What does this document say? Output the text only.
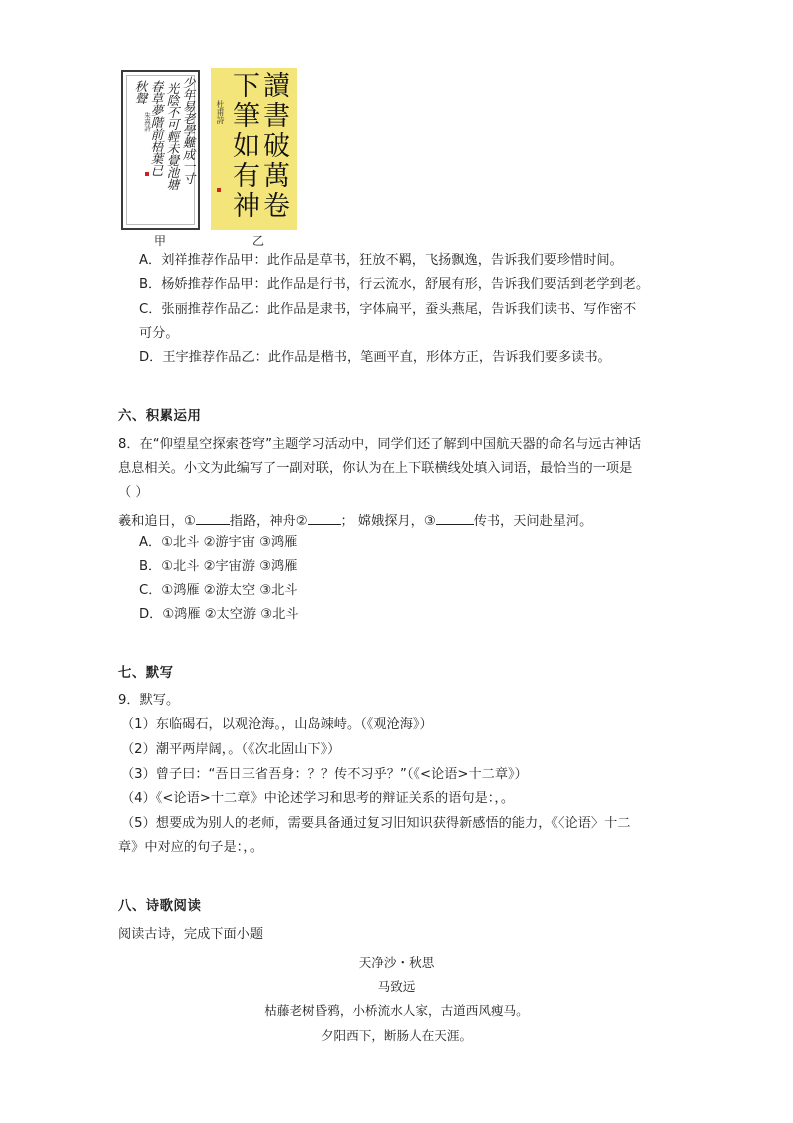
少年易老學難成一寸
光陰不可輕未覺池塘
春草夢階前梧葉已
秋聲
朱熹詩
甲
讀書破萬卷
下筆如有神
杜甫詩
乙
A．刘祥推荐作品甲：此作品是草书，狂放不羁，飞扬飘逸，告诉我们要珍惜时间。
B．杨娇推荐作品甲：此作品是行书，行云流水，舒展有形，告诉我们要活到老学到老。
C．张丽推荐作品乙：此作品是隶书，字体扁平，蚕头燕尾，告诉我们读书、写作密不
可分。
D．王宇推荐作品乙：此作品是楷书，笔画平直，形体方正，告诉我们要多读书。
六、积累运用
8．在“仰望星空探索苍穹”主题学习活动中，同学们还了解到中国航天器的命名与远古神话
息息相关。小文为此编写了一副对联，你认为在上下联横线处填入词语，最恰当的一项是
（ ）
羲和追日，①	指路，神舟②	； 嫦娥探月，③	传书，天问赴星河。
A．①北斗 ②游宇宙 ③鸿雁
B．①北斗 ②宇宙游 ③鸿雁
C．①鸿雁 ②游太空 ③北斗
D．①鸿雁 ②太空游 ③北斗
七、默写
9．默写。
（1）东临碣石，以观沧海。，山岛竦峙。（《观沧海》）
（2）潮平两岸阔，。（《次北固山下》）
（3）曾子曰：“吾日三省吾身：？？传不习乎？”（《<论语>十二章》）
（4）《<论语>十二章》中论述学习和思考的辩证关系的语句是：，。
（5）想要成为别人的老师，需要具备通过复习旧知识获得新感悟的能力，《〈论语〉十二
章》中对应的句子是：，。
八、诗歌阅读
阅读古诗，完成下面小题
天净沙・秋思
马致远
枯藤老树昏鸦，小桥流水人家，古道西风瘦马。
夕阳西下，断肠人在天涯。
